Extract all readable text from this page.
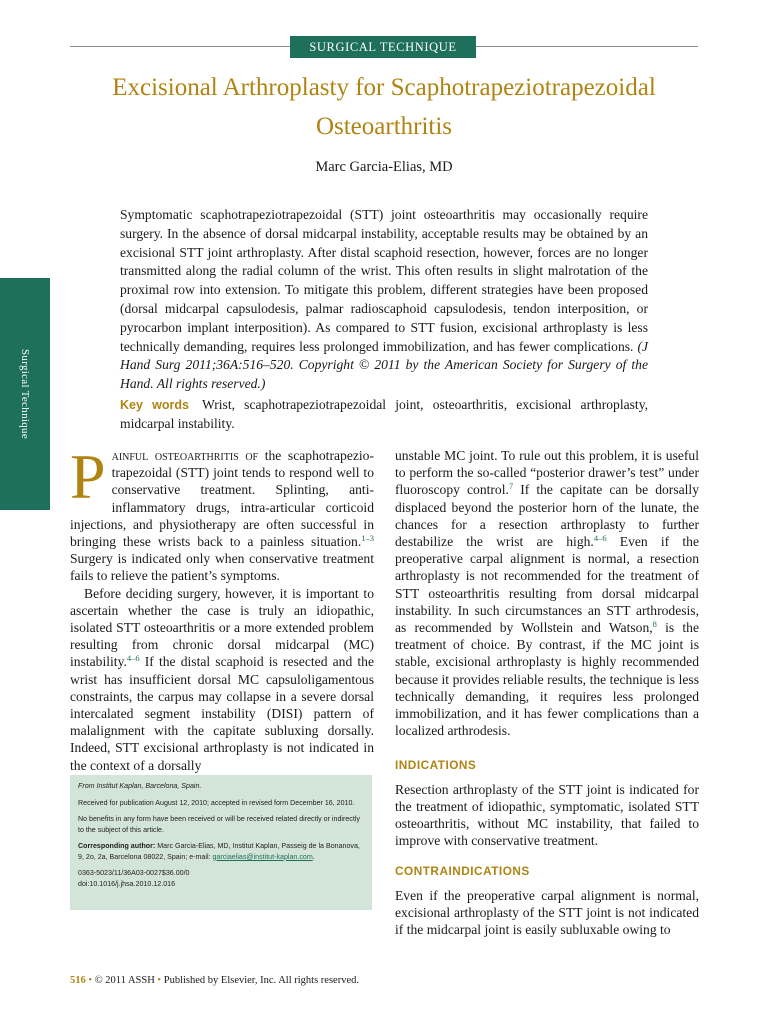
SURGICAL TECHNIQUE
Excisional Arthroplasty for Scaphotrapeziotrapezoidal
Osteoarthritis
Marc Garcia-Elias, MD
Surgical Technique
Symptomatic scaphotrapeziotrapezoidal (STT) joint osteoarthritis may occasionally require surgery. In the absence of dorsal midcarpal instability, acceptable results may be obtained by an excisional STT joint arthroplasty. After distal scaphoid resection, however, forces are no longer transmitted along the radial column of the wrist. This often results in slight malrotation of the proximal row into extension. To mitigate this problem, different strategies have been proposed (dorsal midcarpal capsulodesis, palmar radioscaphoid capsulodesis, tendon interposition, or pyrocarbon implant interposition). As compared to STT fusion, excisional arthroplasty is less technically demanding, requires less prolonged immobilization, and has fewer complications. (J Hand Surg 2011;36A:516–520. Copyright © 2011 by the American Society for Surgery of the Hand. All rights reserved.)
Key words Wrist, scaphotrapeziotrapezoidal joint, osteoarthritis, excisional arthroplasty, midcarpal instability.

Painful osteoarthritis of the scaphotrapezio-trapezoidal (STT) joint tends to respond well to conservative treatment. Splinting, anti-inflammatory drugs, intra-articular corticoid injections, and physiotherapy are often successful in bringing these wrists back to a painless situation.$^{1-3}$ Surgery is indicated only when conservative treatment fails to relieve the patient’s symptoms.

Before deciding surgery, however, it is important to ascertain whether the case is truly an idiopathic, isolated STT osteoarthritis or a more extended problem resulting from chronic dorsal midcarpal (MC) instability.$^{4-6}$ If the distal scaphoid is resected and the wrist has insufficient dorsal MC capsuloligamentous constraints, the carpus may collapse in a severe dorsal intercalated segment instability (DISI) pattern of malalignment with the capitate subluxing dorsally. Indeed, STT excisional arthroplasty is not indicated in the context of a dorsally

unstable MC joint. To rule out this problem, it is useful to perform the so-called “posterior drawer’s test” under fluoroscopy control.$^7$ If the capitate can be dorsally displaced beyond the posterior horn of the lunate, the chances for a resection arthroplasty to further destabilize the wrist are high.$^{4-6}$ Even if the preoperative carpal alignment is normal, a resection arthroplasty is not recommended for the treatment of STT osteoarthritis resulting from dorsal midcarpal instability. In such circumstances an STT arthrodesis, as recommended by Wollstein and Watson,$^8$ is the treatment of choice. By contrast, if the MC joint is stable, excisional arthroplasty is highly recommended because it provides reliable results, the technique is less technically demanding, it requires less prolonged immobilization, and it has fewer complications than a localized arthrodesis.

INDICATIONS

Resection arthroplasty of the STT joint is indicated for the treatment of idiopathic, symptomatic, isolated STT osteoarthritis, without MC instability, that failed to improve with conservative treatment.

CONTRAINDICATIONS

Even if the preoperative carpal alignment is normal, excisional arthroplasty of the STT joint is not indicated if the midcarpal joint is easily subluxable owing to

From Institut Kaplan, Barcelona, Spain.
Received for publication August 12, 2010; accepted in revised form December 16, 2010.
No benefits in any form have been received or will be received related directly or indirectly to the subject of this article.
Corresponding author: Marc Garcia-Elias, MD, Institut Kaplan, Passeig de la Bonanova, 9, 2o, 2a, Barcelona 08022, Spain; e-mail: garciaelias@institut-kaplan.com.
0363-5023/11/36A03-0027$36.00/0
doi:10.1016/j.jhsa.2010.12.016
516 • © 2011 ASSH • Published by Elsevier, Inc. All rights reserved.
